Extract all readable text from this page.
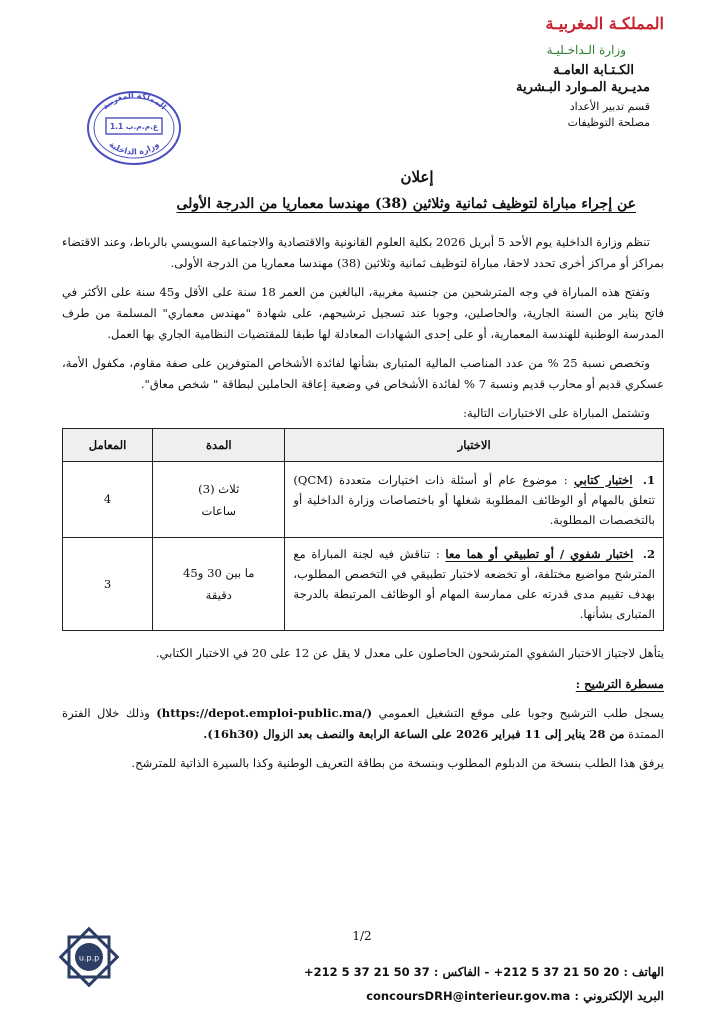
المملكـة المغربيـة
وزارة الـداخـليـة
الكـتـابة العامـة
مديـرية المـوارد البـشرية
قسم تدبير الأعداد
مصلحة التوظيفات
المملكة المغربية
ع.م.م.ب 1.1
وزارة الداخلية
إعلان
عن إجراء مباراة لتوظيف ثمانية وثلاثين (38) مهندسا معماريا من الدرجة الأولى

تنظم وزارة الداخلية يوم الأحد 5 أبريل 2026 بكلية العلوم القانونية والاقتصادية والاجتماعية السويسي بالرباط، وعند الاقتضاء بمراكز أو مراكز أخرى تحدد لاحقا، مباراة لتوظيف ثمانية وثلاثين (38) مهندسا معماريا من الدرجة الأولى.

وتفتح هذه المباراة في وجه المترشحين من جنسية مغربية، البالغين من العمر 18 سنة على الأقل و45 سنة على الأكثر في فاتح يناير من السنة الجارية، والحاصلين، وجوبا عند تسجيل ترشيحهم، على شهادة "مهندس معماري" المسلمة من طرف المدرسة الوطنية للهندسة المعمارية، أو على إحدى الشهادات المعادلة لها طبقا للمقتضيات النظامية الجاري بها العمل.

وتخصص نسبة 25 % من عدد المناصب المالية المتبارى بشأنها لفائدة الأشخاص المتوفرين على صفة مقاوم، مكفول الأمة، عسكري قديم أو محارب قديم ونسبة 7 % لفائدة الأشخاص في وضعية إعاقة الحاملين لبطاقة " شخص معاق".

وتشتمل المباراة على الاختبارات التالية:

الاختبار	المدة	المعامل
1. اختبار كتابي : موضوع عام أو أسئلة ذات اختيارات متعددة (QCM) تتعلق بالمهام أو الوظائف المطلوبة شغلها أو باختصاصات وزارة الداخلية أو بالتخصصات المطلوبة.	ثلاث (3)
ساعات	4
2. اختبار شفوي / أو تطبيقي أو هما معا : تناقش فيه لجنة المباراة مع المترشح مواضيع مختلفة، أو تخضعه لاختبار تطبيقي في التخصص المطلوب، بهدف تقييم مدى قدرته على ممارسة المهام أو الوظائف المرتبطة بالدرجة المتبارى بشأنها.	ما بين 30 و45
دقيقة	3

يتأهل لاجتياز الاختبار الشفوي المترشحون الحاصلون على معدل لا يقل عن 12 على 20 في الاختبار الكتابي.

مسطرة الترشيح :

يسجل طلب الترشيح وجوبا على موقع التشغيل العمومي (https://depot.emploi-public.ma/) وذلك خلال الفترة الممتدة من 28 يناير إلى 11 فبراير 2026 على الساعة الرابعة والنصف بعد الزوال (16h30).

يرفق هذا الطلب بنسخة من الدبلوم المطلوب وبنسخة من بطاقة التعريف الوطنية وكذا بالسيرة الذاتية للمترشح.

u.p.p
1/2
الهاتف : +212 5 37 21 50 20 - الفاكس : +212 5 37 21 50 37
البريد الإلكتروني : concoursDRH@interieur.gov.ma
